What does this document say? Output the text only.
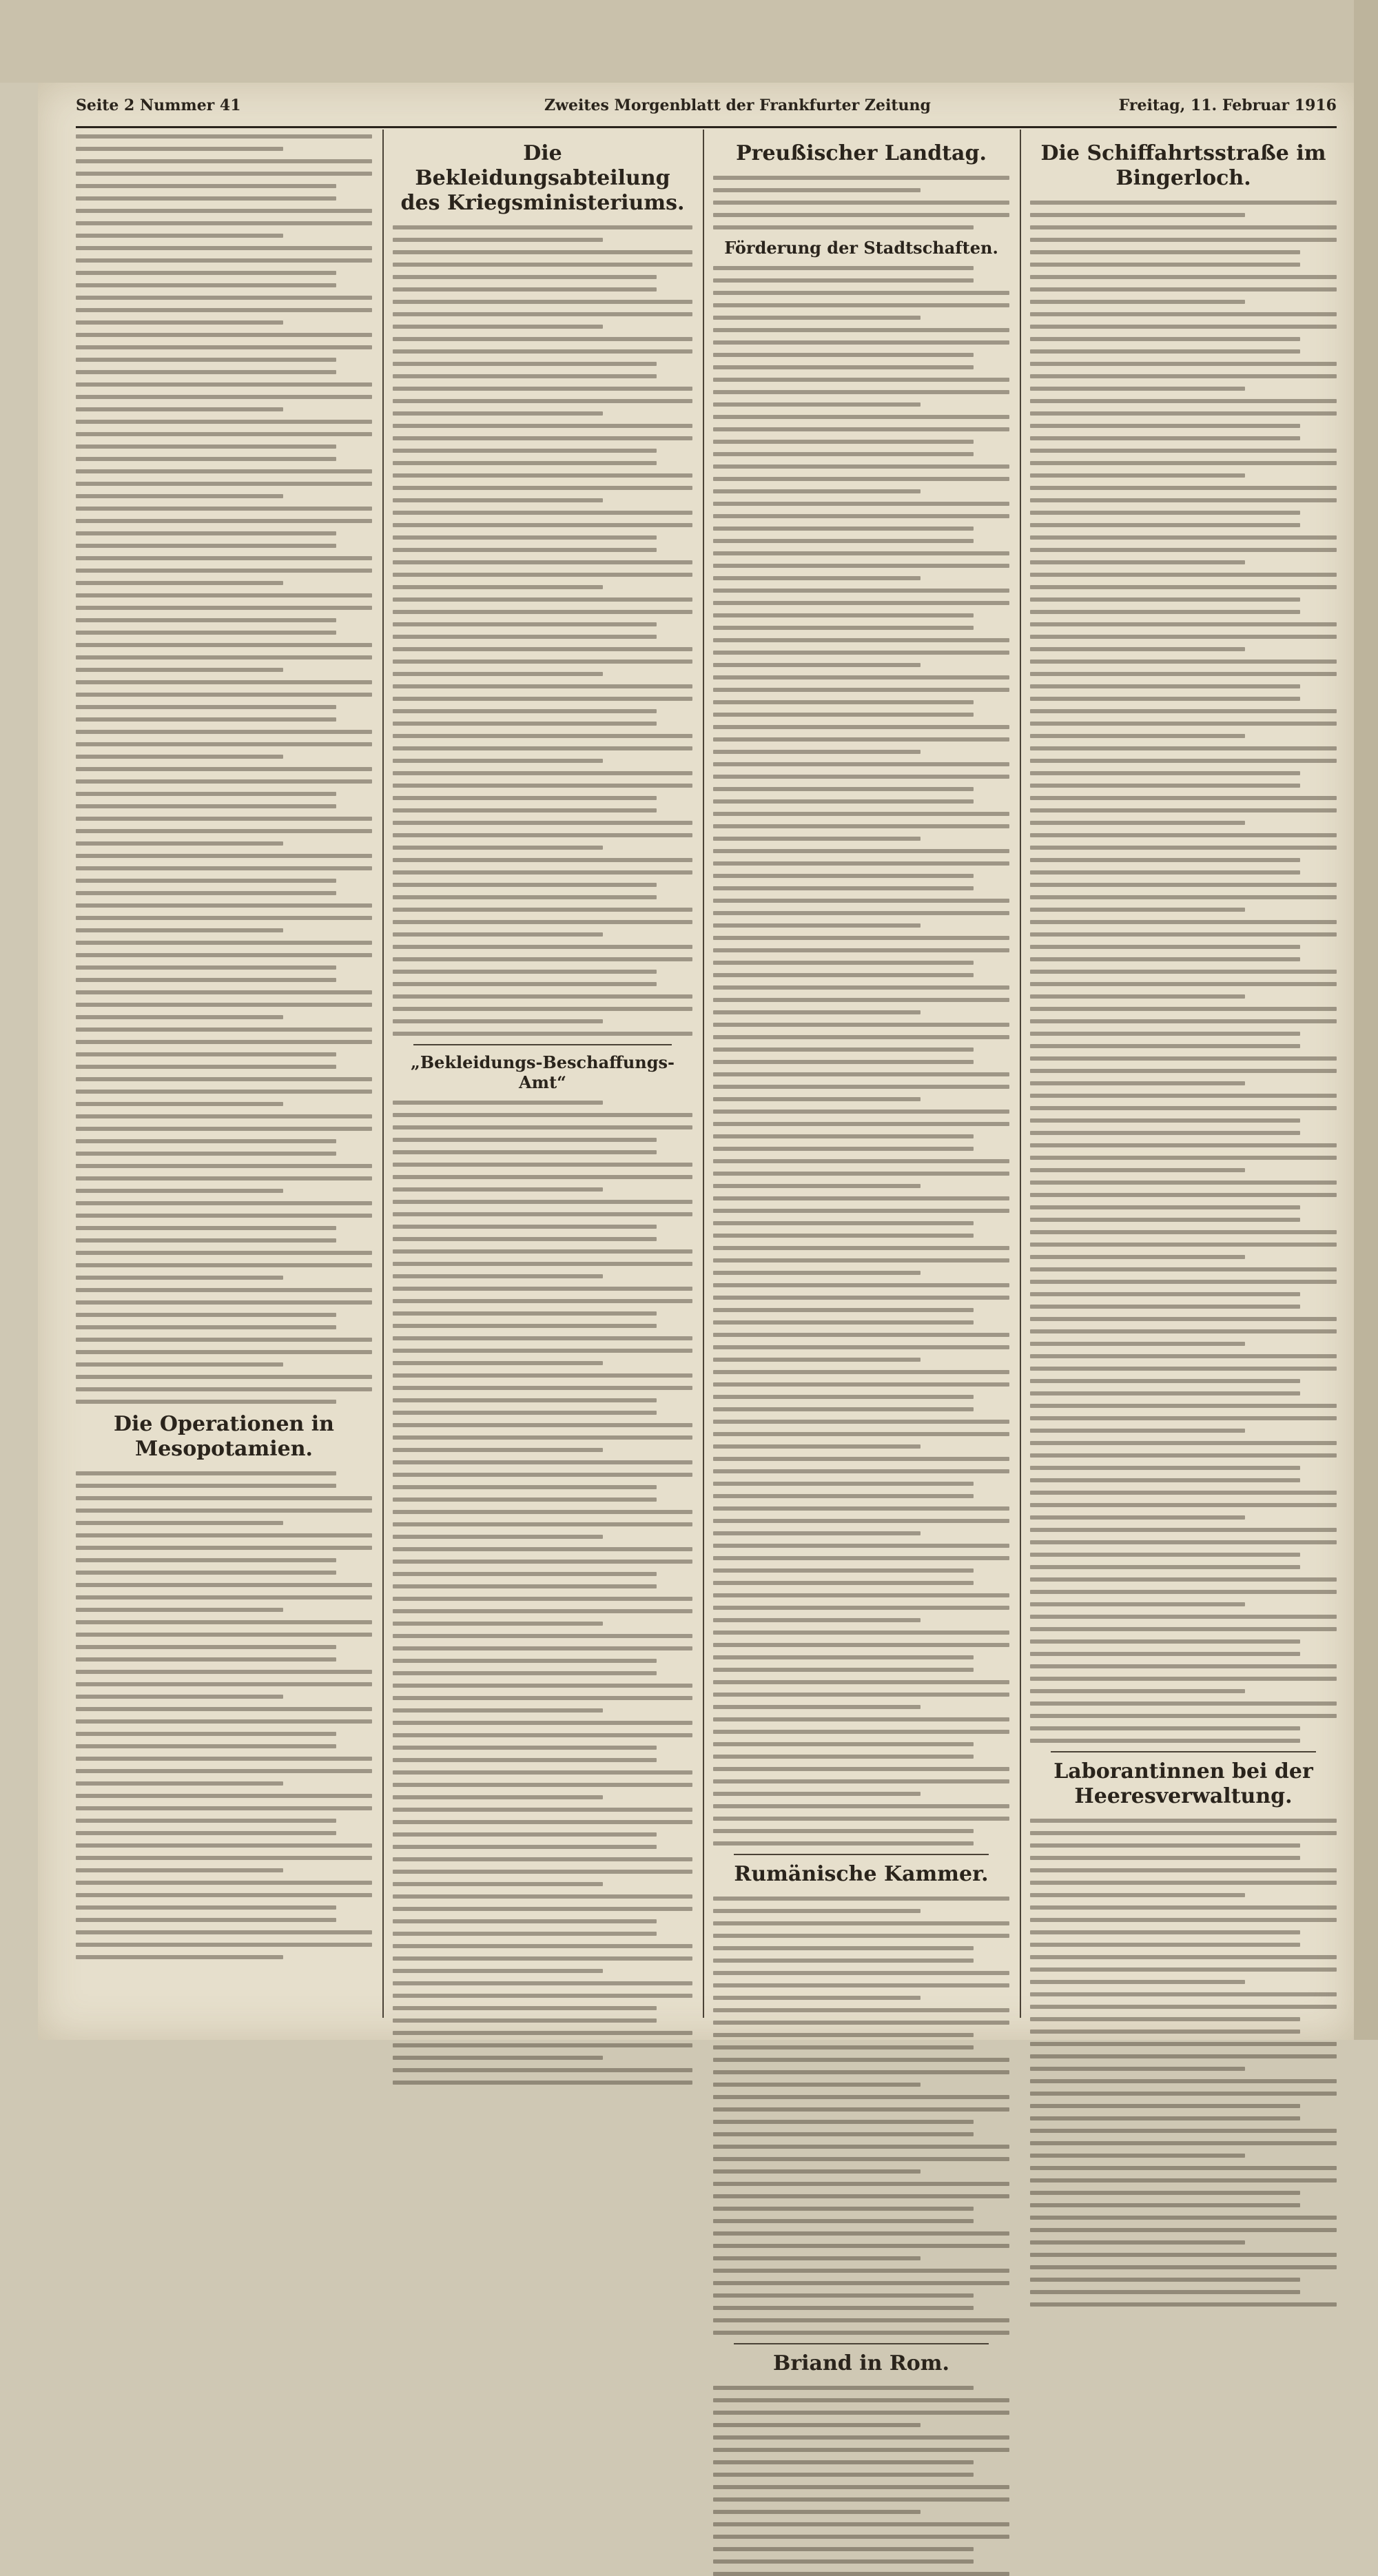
Seite 2 Nummer 41	Zweites Morgenblatt der Frankfurter Zeitung	Freitag, 11. Februar 1916
Die Operationen in Mesopotamien.
Die Bekleidungsabteilung des Kriegsministeriums.
„Bekleidungs-Beschaffungs-Amt“
Preußischer Landtag.
Förderung der Stadtschaften.
Rumänische Kammer.
Briand in Rom.
Die Schiffahrtsstraße im Bingerloch.
Laborantinnen bei der Heeresverwaltung.
